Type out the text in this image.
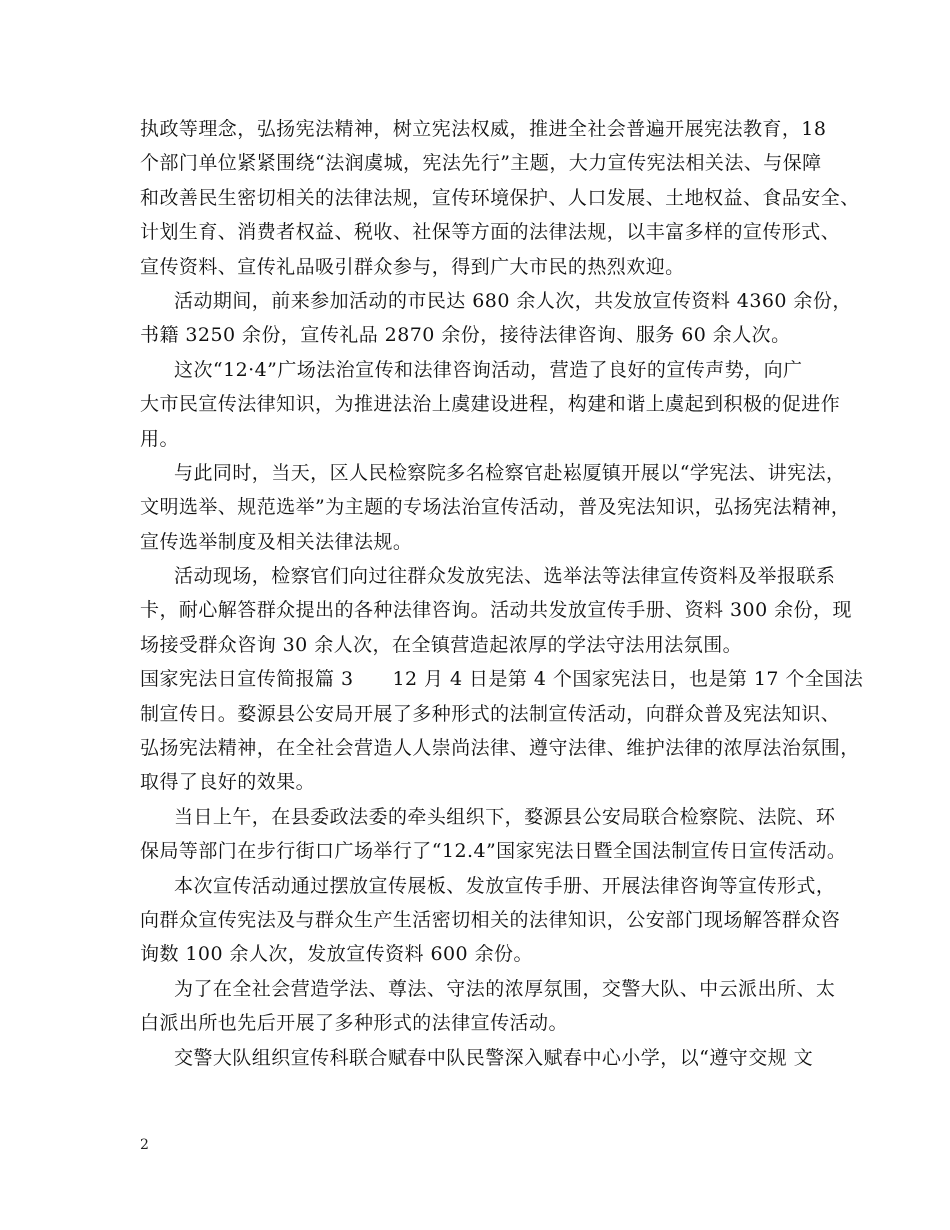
执政等理念，弘扬宪法精神，树立宪法权威，推进全社会普遍开展宪法教育，18
个部门单位紧紧围绕“法润虞城，宪法先行”主题，大力宣传宪法相关法、与保障
和改善民生密切相关的法律法规，宣传环境保护、人口发展、土地权益、食品安全、
计划生育、消费者权益、税收、社保等方面的法律法规，以丰富多样的宣传形式、
宣传资料、宣传礼品吸引群众参与，得到广大市民的热烈欢迎。
活动期间，前来参加活动的市民达 680 余人次，共发放宣传资料 4360 余份，
书籍 3250 余份，宣传礼品 2870 余份，接待法律咨询、服务 60 余人次。
这次“12·4”广场法治宣传和法律咨询活动，营造了良好的宣传声势，向广
大市民宣传法律知识，为推进法治上虞建设进程，构建和谐上虞起到积极的促进作
用。
与此同时，当天，区人民检察院多名检察官赴崧厦镇开展以“学宪法、讲宪法，
文明选举、规范选举”为主题的专场法治宣传活动，普及宪法知识，弘扬宪法精神，
宣传选举制度及相关法律法规。
活动现场，检察官们向过往群众发放宪法、选举法等法律宣传资料及举报联系
卡，耐心解答群众提出的各种法律咨询。活动共发放宣传手册、资料 300 余份，现
场接受群众咨询 30 余人次，在全镇营造起浓厚的学法守法用法氛围。
国家宪法日宣传简报篇 3      12 月 4 日是第 4 个国家宪法日，也是第 17 个全国法
制宣传日。婺源县公安局开展了多种形式的法制宣传活动，向群众普及宪法知识、
弘扬宪法精神，在全社会营造人人崇尚法律、遵守法律、维护法律的浓厚法治氛围，
取得了良好的效果。
当日上午，在县委政法委的牵头组织下，婺源县公安局联合检察院、法院、环
保局等部门在步行街口广场举行了“12.4”国家宪法日暨全国法制宣传日宣传活动。
本次宣传活动通过摆放宣传展板、发放宣传手册、开展法律咨询等宣传形式，
向群众宣传宪法及与群众生产生活密切相关的法律知识，公安部门现场解答群众咨
询数 100 余人次，发放宣传资料 600 余份。
为了在全社会营造学法、尊法、守法的浓厚氛围，交警大队、中云派出所、太
白派出所也先后开展了多种形式的法律宣传活动。
交警大队组织宣传科联合赋春中队民警深入赋春中心小学，以“遵守交规 文
2
